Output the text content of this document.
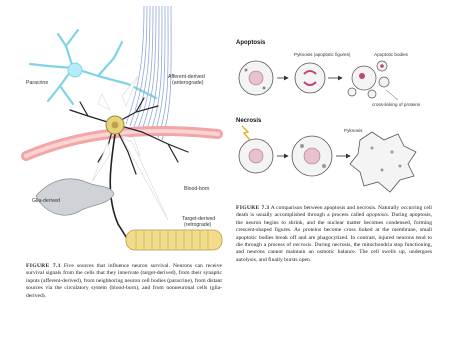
Paracrine
Afferent-derived (anterograde)
Blood-born
Glia-derived
Target-derived (retrograde)
Apoptosis
Necrosis
Pyknosis (apoptotic figures)	Apoptotic bodies
cross-linking of proteins
Pyknosis
FIGURE 7.1 Five sources that influence neuron survival. Neurons can receive survival signals from the cells that they innervate (target-derived), from their synaptic inputs (afferent-derived), from neighboring neuron cell bodies (paracrine), from distant sources via the circulatory system (blood-born), and from nonneuronal cells (glia-derived).
FIGURE 7.3 A comparison between apoptosis and necrosis. Naturally occurring cell death is usually accomplished through a process called apoptosis. During apoptosis, the neuron begins to shrink, and the nuclear matter becomes condensed, forming crescent-shaped figures. As proteins become cross linked at the membrane, small apoptotic bodies break off and are phagocytized. In contrast, injured neurons tend to die through a process of necrosis. During necrosis, the mitochondria stop functioning, and neurons cannot maintain an osmotic balance. The cell swells up, undergoes autolysis, and finally bursts open.
